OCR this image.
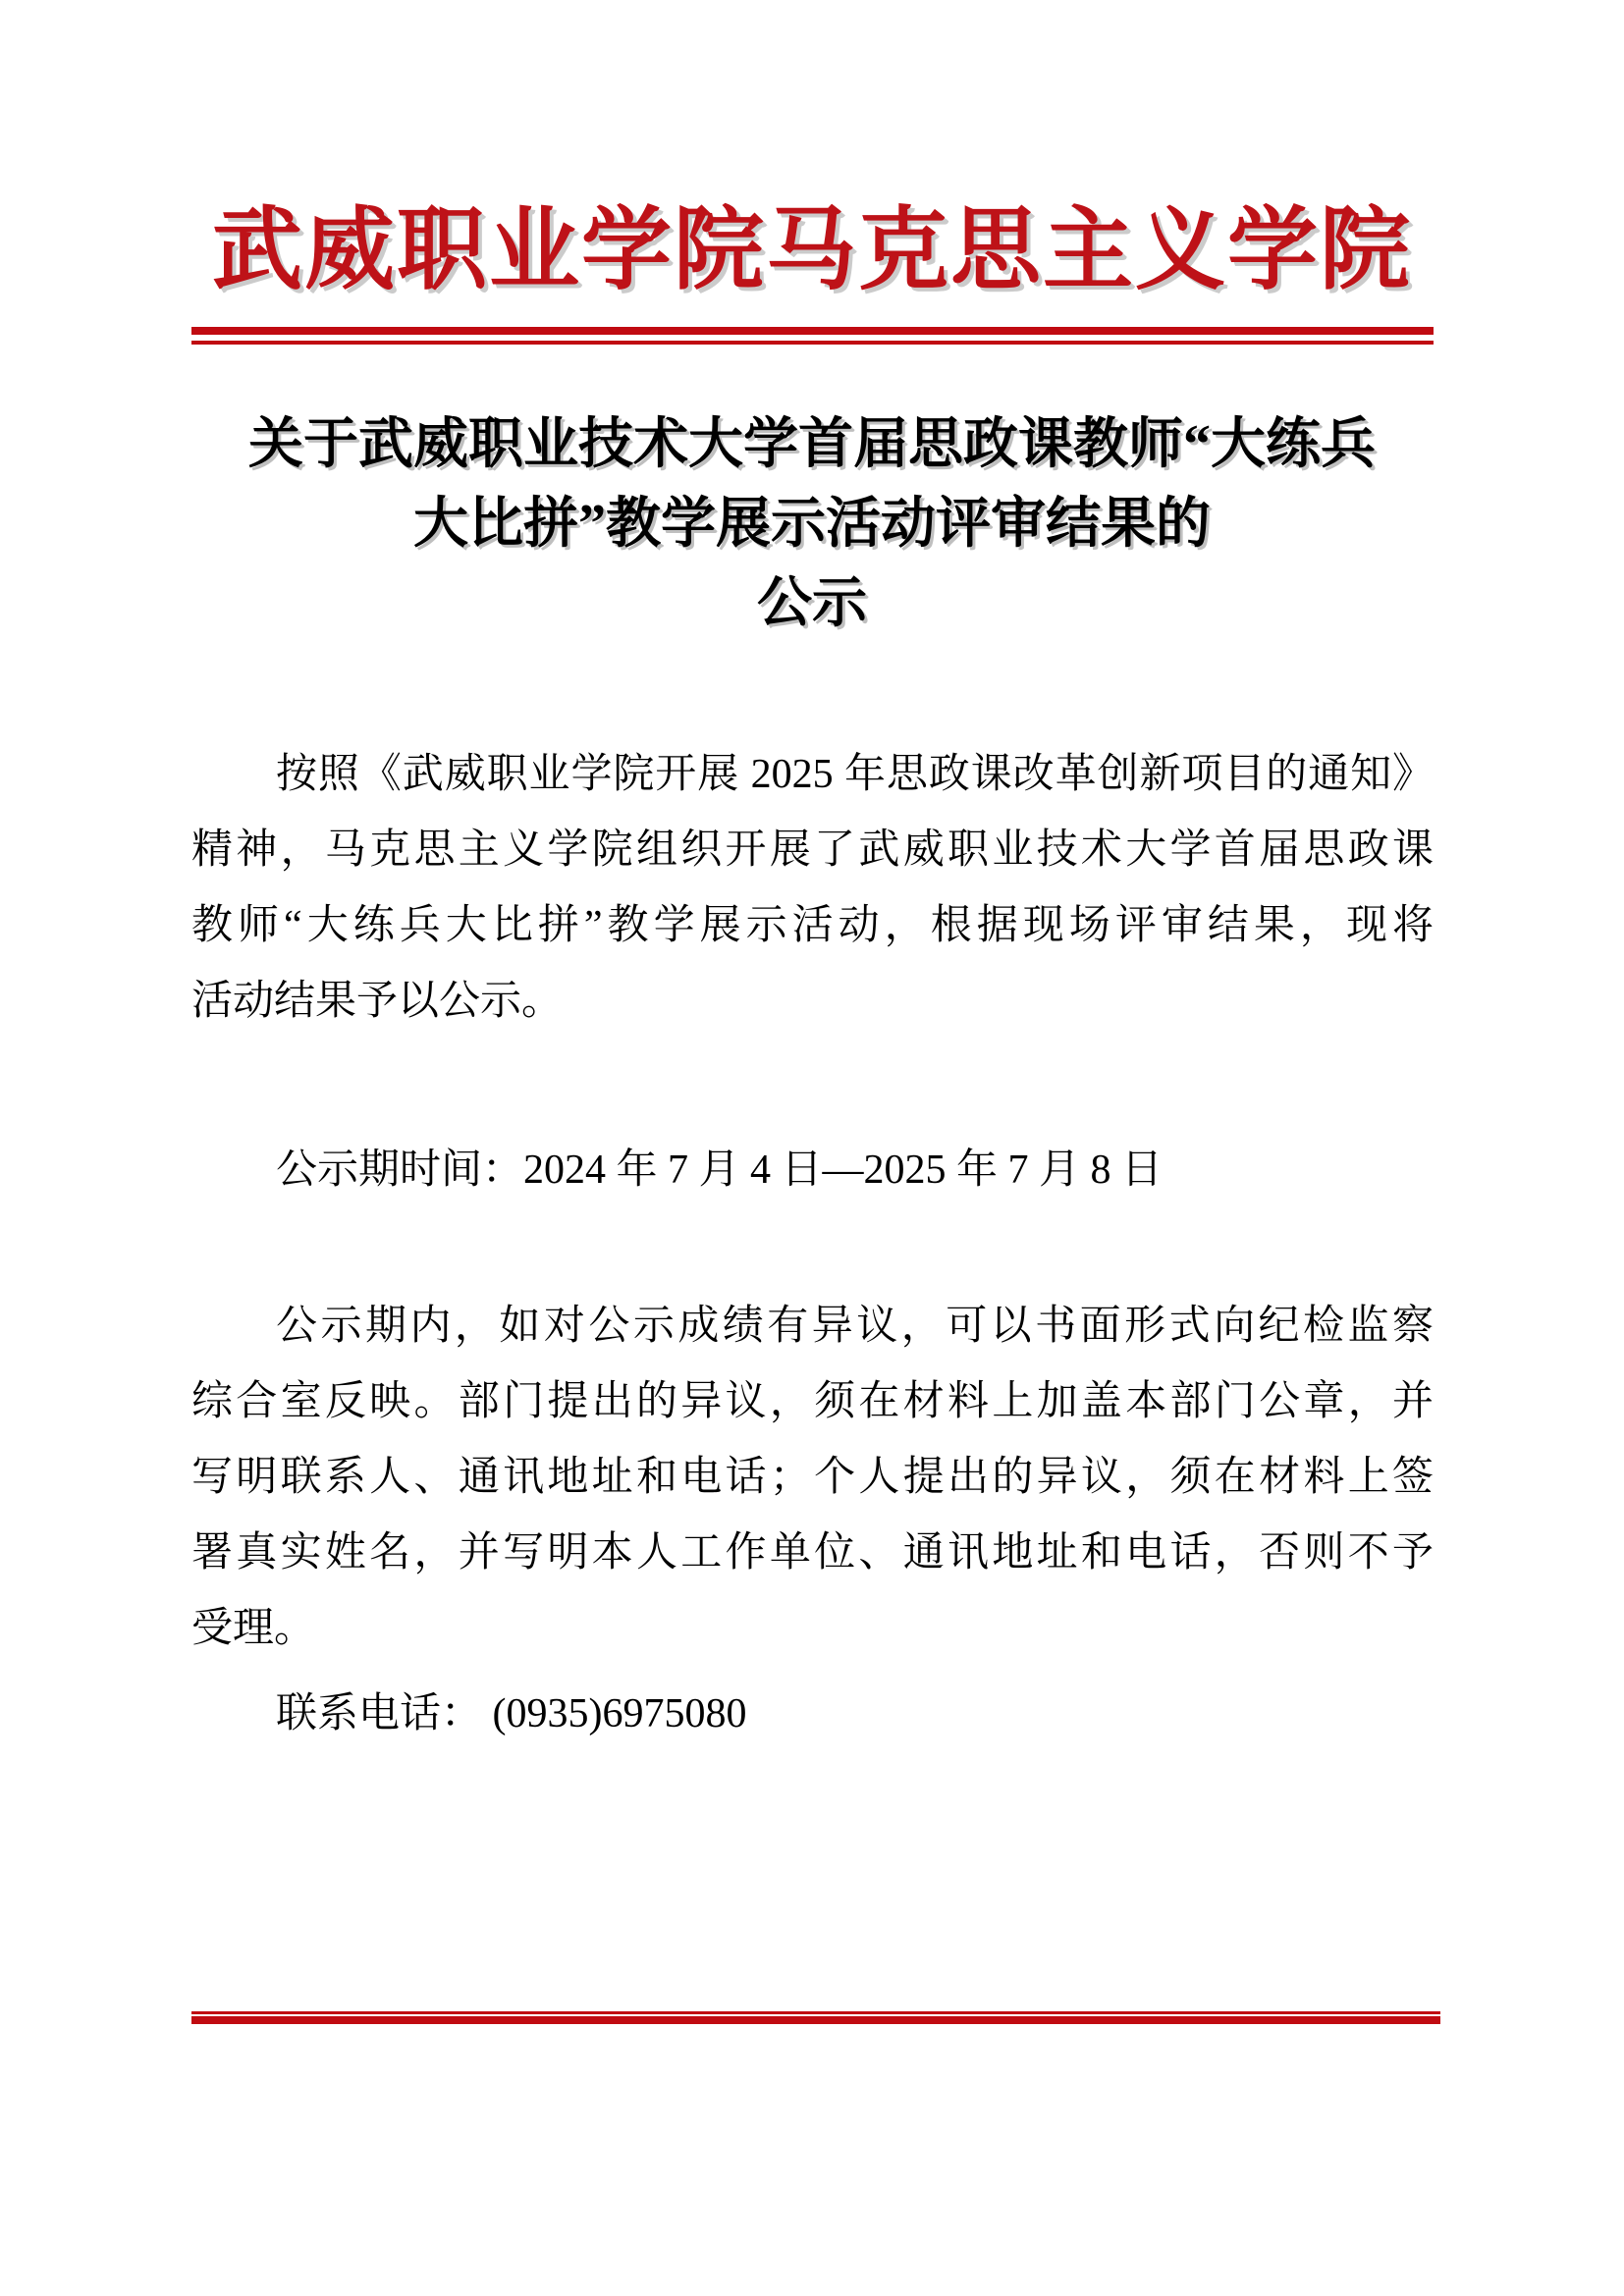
武威职业学院马克思主义学院
关于武威职业技术大学首届思政课教师“大练兵
大比拼”教学展示活动评审结果的
公示

按照《武威职业学院开展 2025 年思政课改革创新项目的通知》
精神，马克思主义学院组织开展了武威职业技术大学首届思政课
教师“大练兵大比拼”教学展示活动，根据现场评审结果，现将
活动结果予以公示。

公示期时间：2024 年 7 月 4 日—2025 年 7 月 8 日

公示期内，如对公示成绩有异议，可以书面形式向纪检监察
综合室反映。部门提出的异议，须在材料上加盖本部门公章，并
写明联系人、通讯地址和电话；个人提出的异议，须在材料上签
署真实姓名，并写明本人工作单位、通讯地址和电话，否则不予
受理。

联系电话： (0935)6975080
